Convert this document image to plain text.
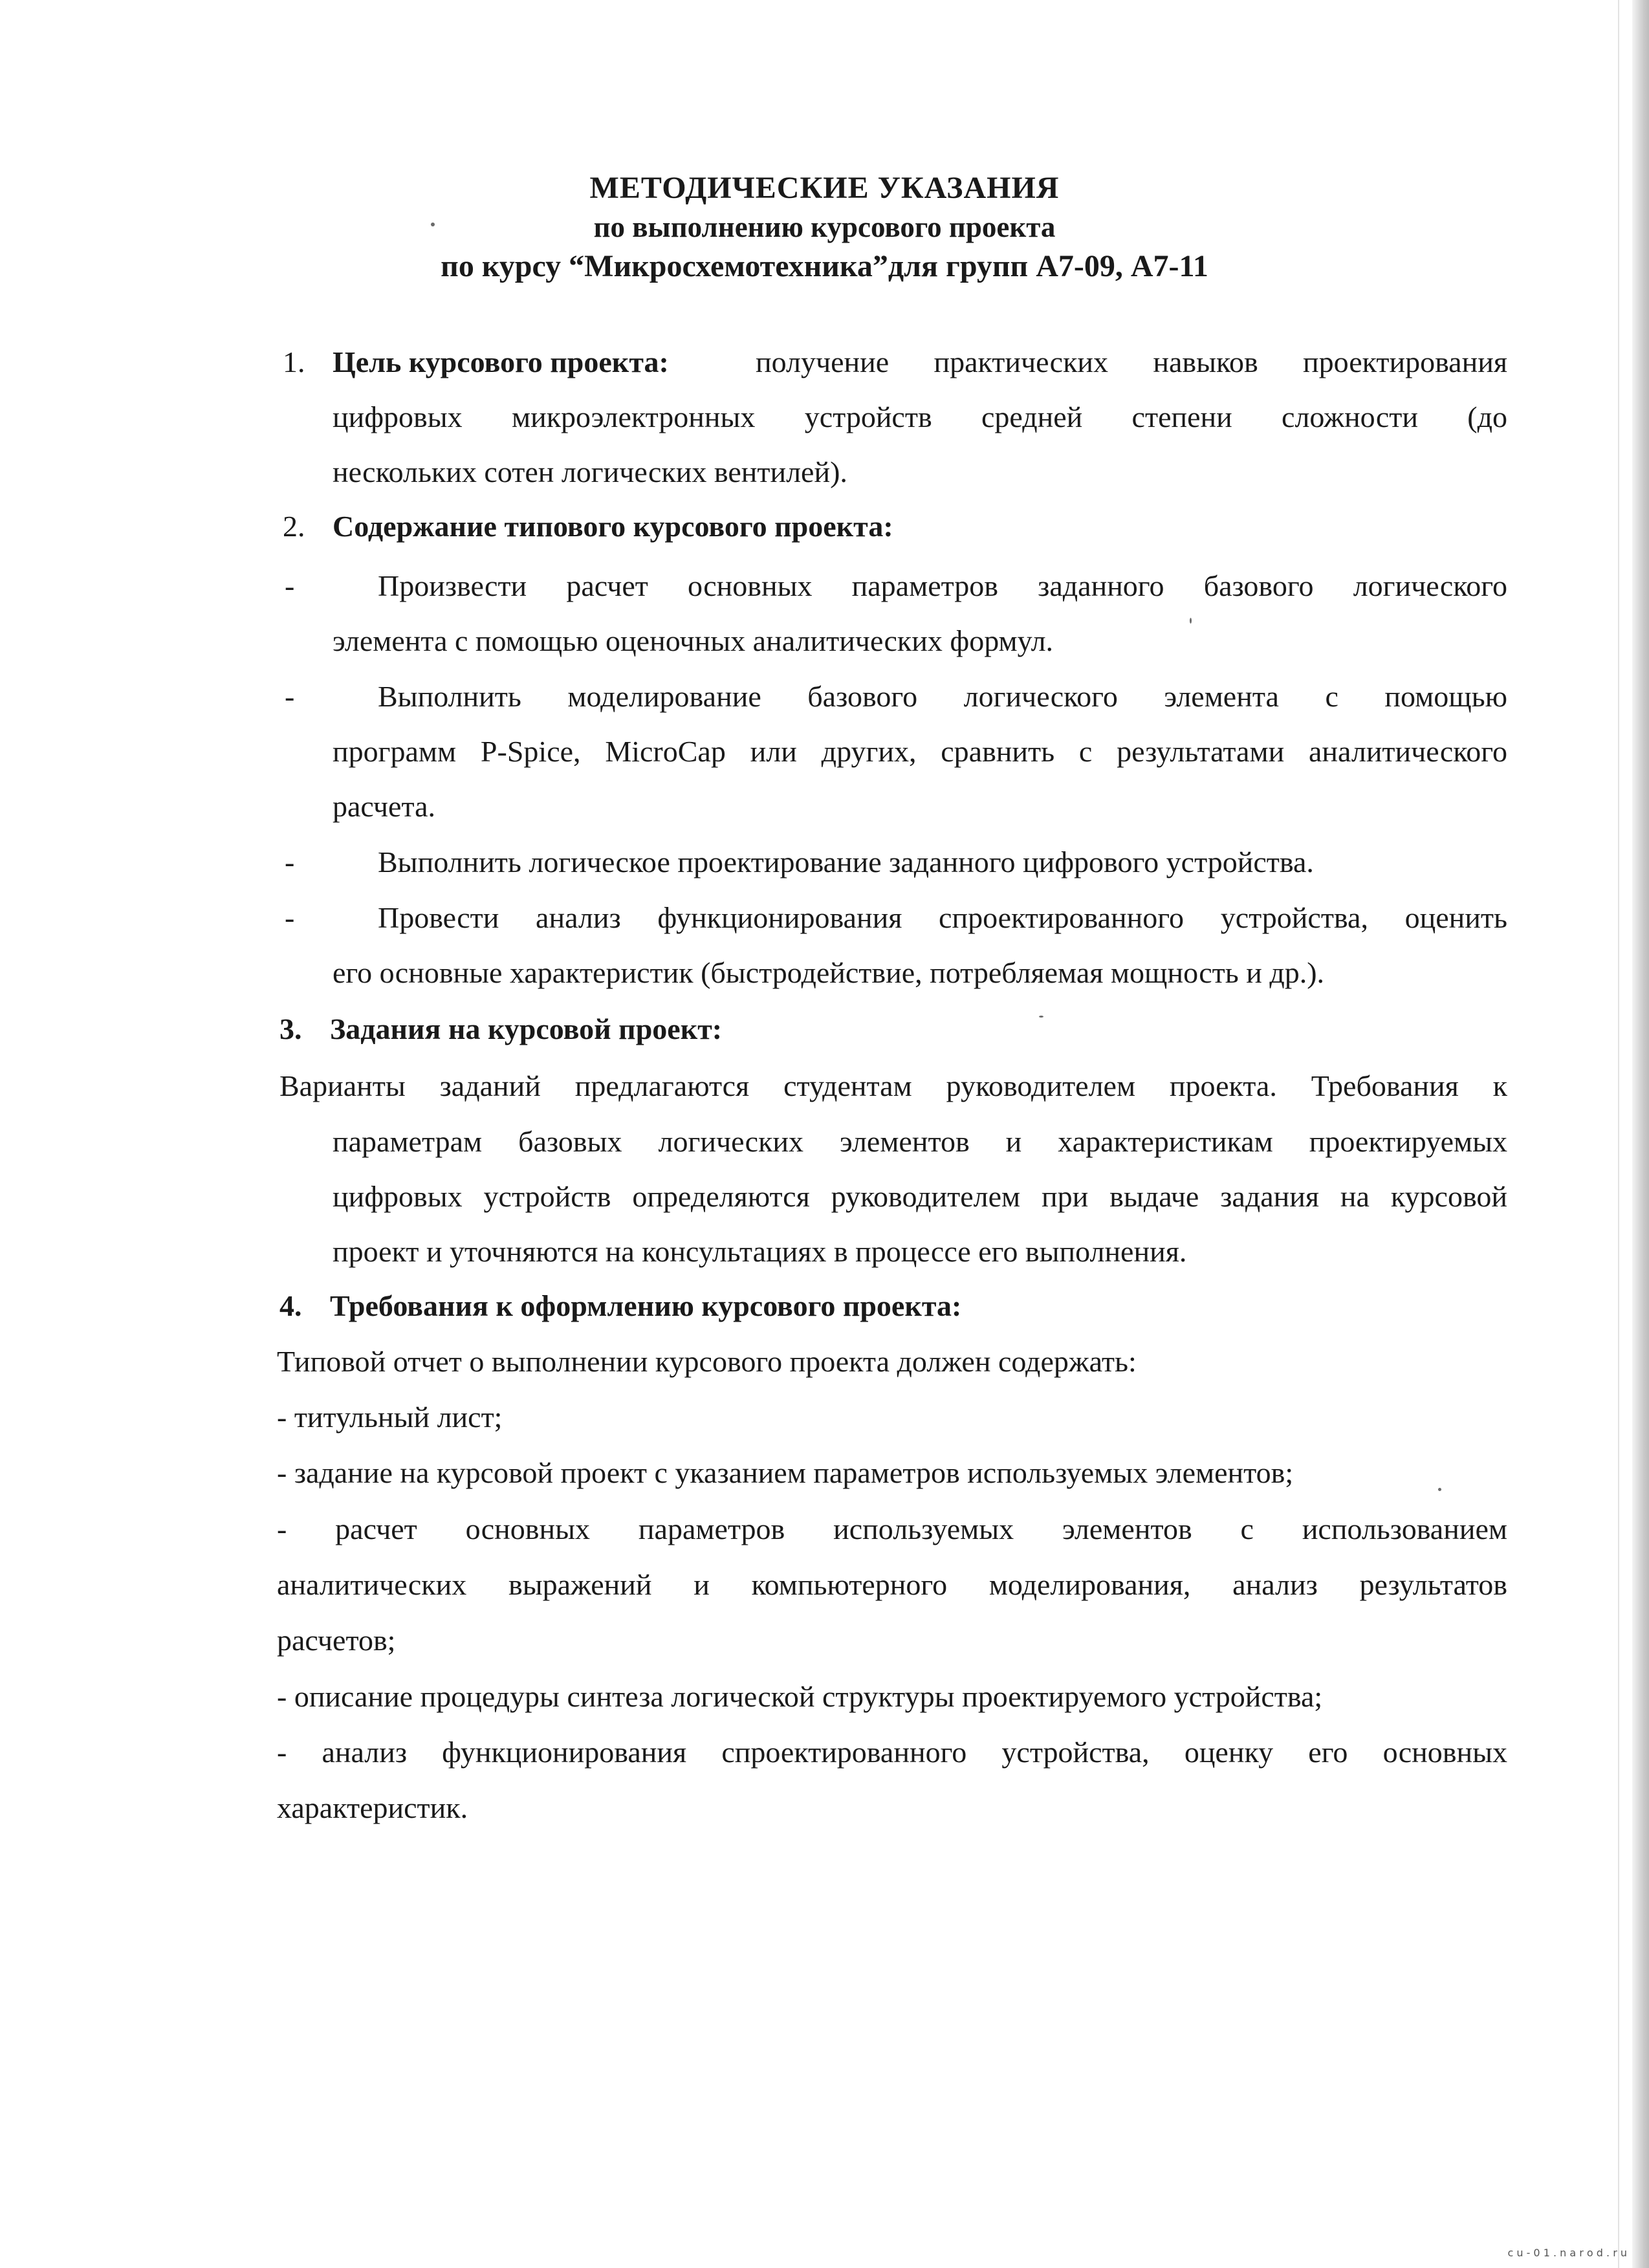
МЕТОДИЧЕСКИЕ УКАЗАНИЯ
по выполнению курсового проекта
по курсу “Микросхемотехника”для групп А7-09, А7-11
1. Цель курсового проекта:	получение практических навыков проектирования
цифровых микроэлектронных устройств средней степени сложности (до
нескольких сотен логических вентилей).
2. Содержание типового курсового проекта:
-	Произвести расчет основных параметров заданного базового логического
элемента с помощью оценочных аналитических формул.
-	Выполнить моделирование базового логического элемента с помощью
программ P-Spice, MicroCap или других, сравнить с результатами аналитического
расчета.
-	Выполнить логическое проектирование заданного цифрового устройства.
-	Провести анализ функционирования спроектированного устройства, оценить
его основные характеристик (быстродействие, потребляемая мощность и др.).
3. Задания на курсовой проект:
Варианты заданий предлагаются студентам руководителем проекта. Требования к
параметрам базовых логических элементов и характеристикам проектируемых
цифровых устройств определяются руководителем при выдаче задания на курсовой
проект и уточняются на консультациях в процессе его выполнения.
4. Требования к оформлению курсового проекта:
Типовой отчет о выполнении курсового проекта должен содержать:
- титульный лист;
- задание на курсовой проект с указанием параметров используемых элементов;
- расчет основных параметров используемых элементов с использованием
аналитических выражений и компьютерного моделирования, анализ результатов
расчетов;
- описание процедуры синтеза логической структуры проектируемого устройства;
- анализ функционирования спроектированного устройства, оценку его основных
характеристик.
c u - 0 1 . n a r o d . r u
